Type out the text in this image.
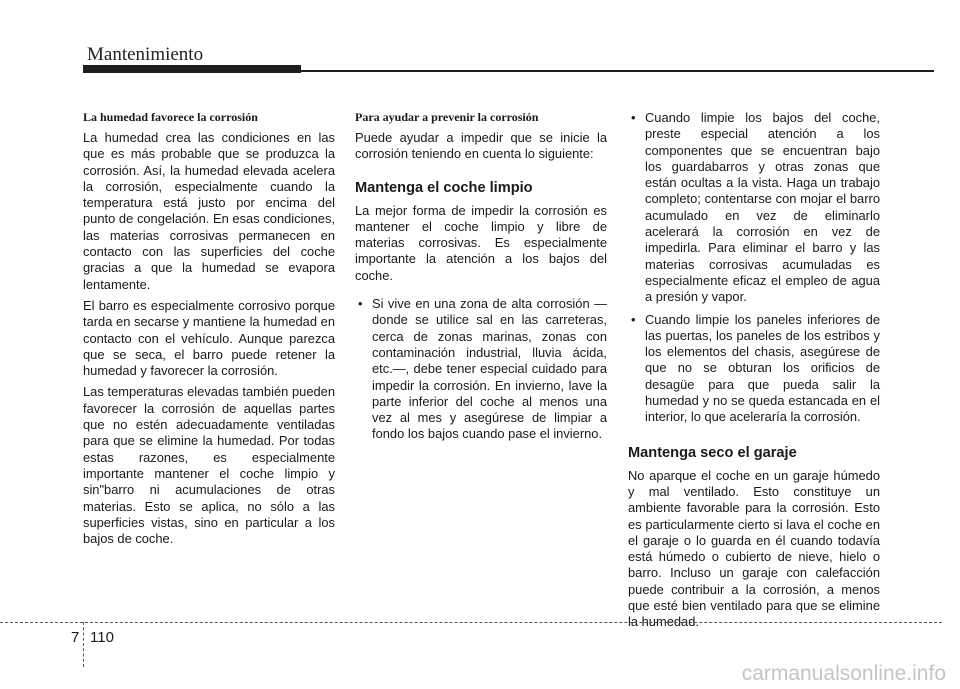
Mantenimiento
La humedad favorece la corrosión

La humedad crea las condiciones en las que es más probable que se produzca la corrosión. Así, la humedad elevada acelera la corrosión, especialmente cuando la temperatura está justo por encima del punto de congelación. En esas condiciones, las materias corrosivas permanecen en contacto con las superficies del coche gracias a que la humedad se evapora lentamente.

El barro es especialmente corrosivo porque tarda en secarse y mantiene la humedad en contacto con el vehículo. Aunque parezca que se seca, el barro puede retener la humedad y favorecer la corrosión.

Las temperaturas elevadas también pueden favorecer la corrosión de aquellas partes que no estén adecuadamente ventiladas para que se elimine la humedad. Por todas estas razones, es especialmente importante mantener el coche limpio y sin"barro ni acumulaciones de otras materias. Esto se aplica, no sólo a las superficies vistas, sino en particular a los bajos de coche.

Para ayudar a prevenir la corrosión

Puede ayudar a impedir que se inicie la corrosión teniendo en cuenta lo siguiente:

Mantenga el coche limpio

La mejor forma de impedir la corrosión es mantener el coche limpio y libre de materias corrosivas. Es especialmente importante la atención a los bajos del coche.

• Si vive en una zona de alta corrosión — donde se utilice sal en las carreteras, cerca de zonas marinas, zonas con contaminación industrial, lluvia ácida, etc.—, debe tener especial cuidado para impedir la corrosión. En invierno, lave la parte inferior del coche al menos una vez al mes y asegúrese de limpiar a fondo los bajos cuando pase el invierno.
• Cuando limpie los bajos del coche, preste especial atención a los componentes que se encuentran bajo los guardabarros y otras zonas que están ocultas a la vista. Haga un trabajo completo; contentarse con mojar el barro acumulado en vez de eliminarlo acelerará la corrosión en vez de impedirla. Para eliminar el barro y las materias corrosivas acumuladas es especialmente eficaz el empleo de agua a presión y vapor.
• Cuando limpie los paneles inferiores de las puertas, los paneles de los estribos y los elementos del chasis, asegúrese de que no se obturan los orificios de desagüe para que pueda salir la humedad y no se queda estancada en el interior, lo que aceleraría la corrosión.
Mantenga seco el garaje

No aparque el coche en un garaje húmedo y mal ventilado. Esto constituye un ambiente favorable para la corrosión. Esto es particularmente cierto si lava el coche en el garaje o lo guarda en él cuando todavía está húmedo o cubierto de nieve, hielo o barro. Incluso un garaje con calefacción puede contribuir a la corrosión, a menos que esté bien ventilado para que se elimine la humedad.

7 110
carmanualsonline.info
